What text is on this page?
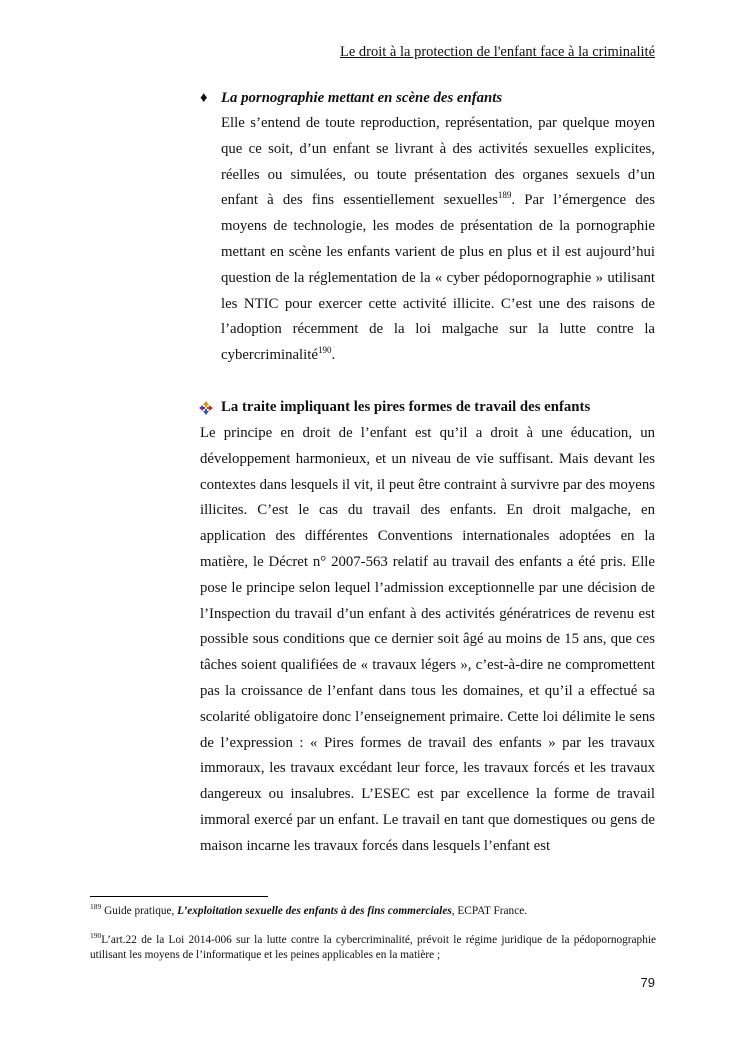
Le droit à la protection de l'enfant face à la criminalité
♦ La pornographie mettant en scène des enfants

Elle s’entend de toute reproduction, représentation, par quelque moyen que ce soit, d’un enfant se livrant à des activités sexuelles explicites, réelles ou simulées, ou toute présentation des organes sexuels d’un enfant à des fins essentiellement sexuelles$^{189}$. Par l’émergence des moyens de technologie, les modes de présentation de la pornographie mettant en scène les enfants varient de plus en plus et il est aujourd’hui question de la réglementation de la « cyber pédopornographie » utilisant les NTIC pour exercer cette activité illicite. C’est une des raisons de l’adoption récemment de la loi malgache sur la lutte contre la cybercriminalité$^{190}$.

La traite impliquant les pires formes de travail des enfants

Le principe en droit de l’enfant est qu’il a droit à une éducation, un développement harmonieux, et un niveau de vie suffisant. Mais devant les contextes dans lesquels il vit, il peut être contraint à survivre par des moyens illicites. C’est le cas du travail des enfants. En droit malgache, en application des différentes Conventions internationales adoptées en la matière, le Décret n° 2007-563 relatif au travail des enfants a été pris. Elle pose le principe selon lequel l’admission exceptionnelle par une décision de l’Inspection du travail d’un enfant à des activités génératrices de revenu est possible sous conditions que ce dernier soit âgé au moins de 15 ans, que ces tâches soient qualifiées de « travaux légers », c’est-à-dire ne compromettent pas la croissance de l’enfant dans tous les domaines, et qu’il a effectué sa scolarité obligatoire donc l’enseignement primaire. Cette loi délimite le sens de l’expression : « Pires formes de travail des enfants » par les travaux immoraux, les travaux excédant leur force, les travaux forcés et les travaux dangereux ou insalubres. L’ESEC est par excellence la forme de travail immoral exercé par un enfant. Le travail en tant que domestiques ou gens de maison incarne les travaux forcés dans lesquels l’enfant est

$^{189}$ Guide pratique, L’exploitation sexuelle des enfants à des fins commerciales, ECPAT France.
$^{190}$L’art.22 de la Loi 2014-006 sur la lutte contre la cybercriminalité, prévoit le régime juridique de la pédopornographie utilisant les moyens de l’informatique et les peines applicables en la matière ;
79
